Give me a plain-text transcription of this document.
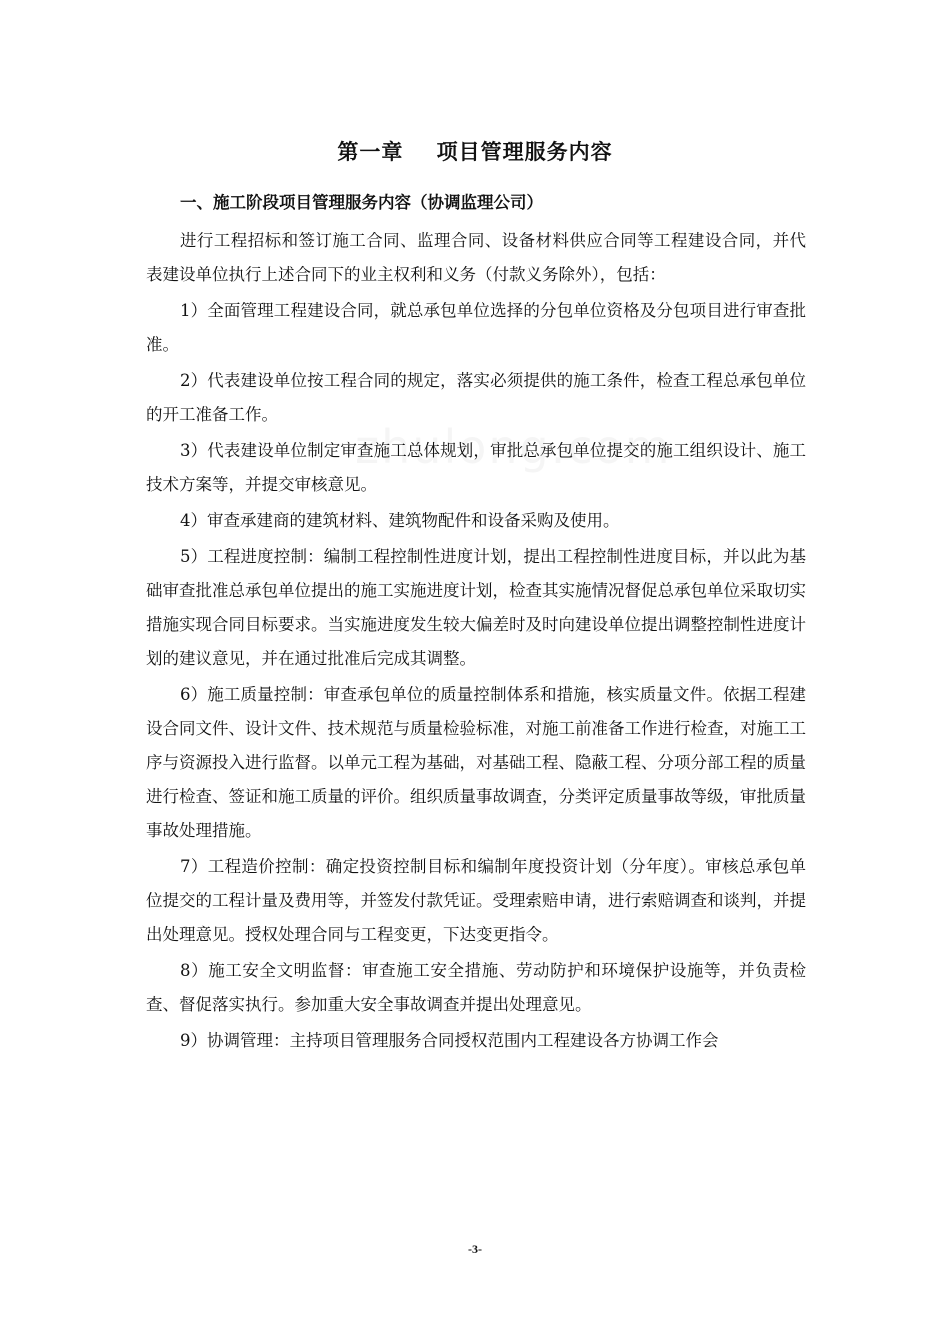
第一章    项目管理服务内容
一、施工阶段项目管理服务内容（协调监理公司）
进行工程招标和签订施工合同、监理合同、设备材料供应合同等工程建设合同，并代表建设单位执行上述合同下的业主权利和义务（付款义务除外），包括：
1）全面管理工程建设合同，就总承包单位选择的分包单位资格及分包项目进行审查批准。
2）代表建设单位按工程合同的规定，落实必须提供的施工条件，检查工程总承包单位的开工准备工作。
3）代表建设单位制定审查施工总体规划，审批总承包单位提交的施工组织设计、施工技术方案等，并提交审核意见。
4）审查承建商的建筑材料、建筑物配件和设备采购及使用。
5）工程进度控制：编制工程控制性进度计划，提出工程控制性进度目标，并以此为基础审查批准总承包单位提出的施工实施进度计划，检查其实施情况督促总承包单位采取切实措施实现合同目标要求。当实施进度发生较大偏差时及时向建设单位提出调整控制性进度计划的建议意见，并在通过批准后完成其调整。
6）施工质量控制：审查承包单位的质量控制体系和措施，核实质量文件。依据工程建设合同文件、设计文件、技术规范与质量检验标准，对施工前准备工作进行检查，对施工工序与资源投入进行监督。以单元工程为基础，对基础工程、隐蔽工程、分项分部工程的质量进行检查、签证和施工质量的评价。组织质量事故调查，分类评定质量事故等级，审批质量事故处理措施。
7）工程造价控制：确定投资控制目标和编制年度投资计划（分年度）。审核总承包单位提交的工程计量及费用等，并签发付款凭证。受理索赔申请，进行索赔调查和谈判，并提出处理意见。授权处理合同与工程变更，下达变更指令。
8）施工安全文明监督：审查施工安全措施、劳动防护和环境保护设施等，并负责检查、督促落实执行。参加重大安全事故调查并提出处理意见。
9）协调管理：主持项目管理服务合同授权范围内工程建设各方协调工作会
-3-
